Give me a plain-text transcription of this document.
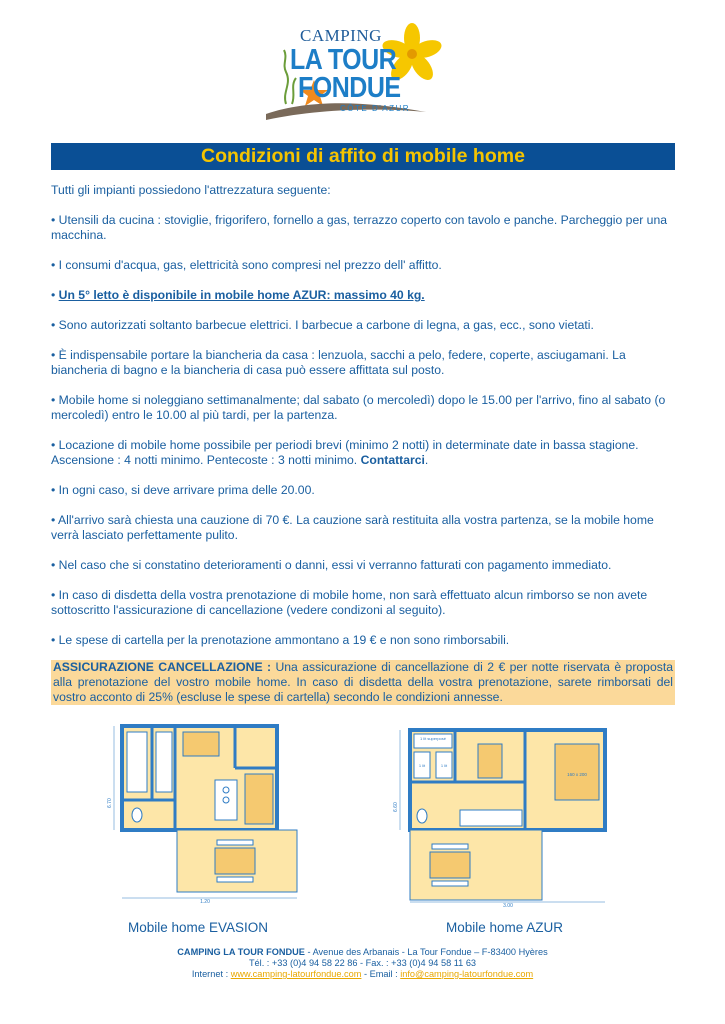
CAMPING
LA TOUR
FONDUE
CÔTE D'AZUR
Condizioni di affito di mobile home

Tutti gli impianti possiedono l'attrezzatura seguente:

• Utensili da cucina : stoviglie, frigorifero, fornello a gas, terrazzo coperto con tavolo e panche. Parcheggio per una macchina.

• I consumi d'acqua, gas, elettricità sono compresi nel prezzo dell' affitto.

• Un 5° letto è disponibile in mobile home AZUR: massimo 40 kg.

• Sono autorizzati soltanto barbecue elettrici. I barbecue a carbone di legna, a gas, ecc., sono vietati.

• È indispensabile portare la biancheria da casa : lenzuola, sacchi a pelo, federe, coperte, asciugamani. La biancheria di bagno e la biancheria di casa può essere affittata sul posto.

• Mobile home si noleggiano settimanalmente; dal sabato (o mercoledì) dopo le 15.00 per l'arrivo, fino al sabato (o mercoledì) entro le 10.00 al più tardi, per la partenza.

• Locazione di mobile home possibile per periodi brevi (minimo 2 notti) in determinate date in bassa stagione. Ascensione : 4 notti minimo. Pentecoste : 3 notti minimo. Contattarci.

• In ogni caso, si deve arrivare prima delle 20.00.

• All'arrivo sarà chiesta una cauzione di 70 €. La cauzione sarà restituita alla vostra partenza, se la mobile home verrà lasciato perfettamente pulito.

• Nel caso che si constatino deterioramenti o danni, essi vi verranno fatturati con pagamento immediato.

• In caso di disdetta della vostra prenotazione di mobile home, non sarà effettuato alcun rimborso se non avete sottoscritto l'assicurazione di cancellazione (vedere condizoni al seguito).

• Le spese di cartella per la prenotazione ammontano a 19 € e non sono rimborsabili.

ASSICURAZIONE CANCELLAZIONE : Una assicurazione di cancellazione di 2 € per notte riservata è proposta alla prenotazione del vostro mobile home. In caso di disdetta della vostra prenotazione, sarete rimborsati del vostro acconto di 25% (escluse le spese di cartella) secondo le condizioni annesse.
1.20
6.70
1 lit superposé
1 lit	1 lit
160 x 200
3.00
6.60
Mobile home EVASION	Mobile home AZUR
CAMPING LA TOUR FONDUE - Avenue des Arbanais - La Tour Fondue – F-83400 Hyères
Tél. : +33 (0)4 94 58 22 86 - Fax. : +33 (0)4 94 58 11 63
Internet : www.camping-latourfondue.com - Email : info@camping-latourfondue.com
